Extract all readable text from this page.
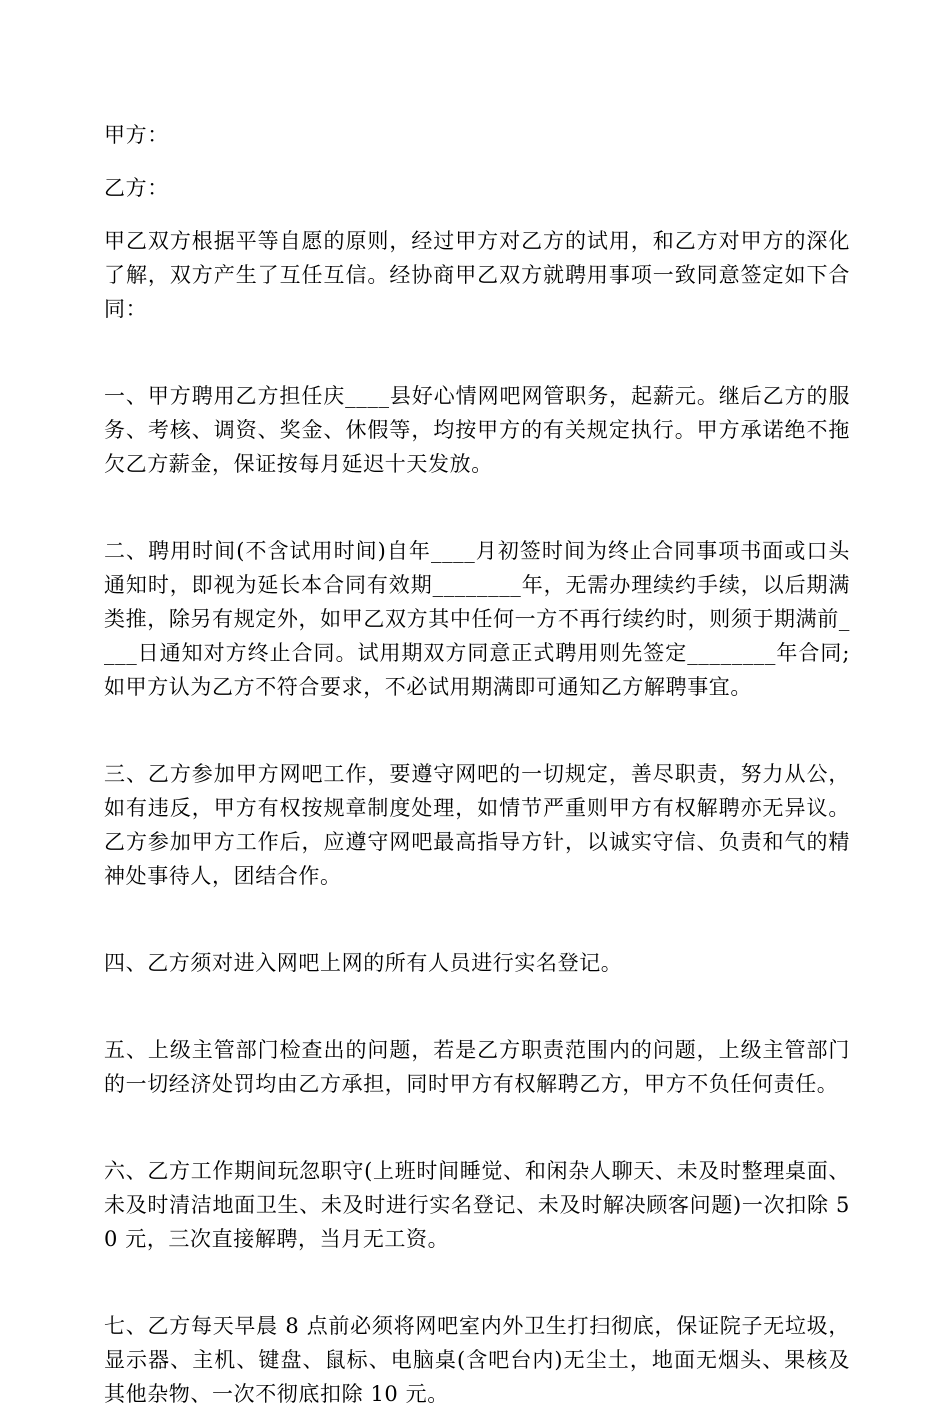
甲方：

乙方：

甲乙双方根据平等自愿的原则，经过甲方对乙方的试用，和乙方对甲方的深化了解，双方产生了互任互信。经协商甲乙双方就聘用事项一致同意签定如下合同：

一、甲方聘用乙方担任庆____县好心情网吧网管职务，起薪元。继后乙方的服务、考核、调资、奖金、休假等，均按甲方的有关规定执行。甲方承诺绝不拖欠乙方薪金，保证按每月延迟十天发放。

二、聘用时间(不含试用时间)自年____月初签时间为终止合同事项书面或口头通知时，即视为延长本合同有效期________年，无需办理续约手续，以后期满类推，除另有规定外，如甲乙双方其中任何一方不再行续约时，则须于期满前____日通知对方终止合同。试用期双方同意正式聘用则先签定________年合同;如甲方认为乙方不符合要求，不必试用期满即可通知乙方解聘事宜。

三、乙方参加甲方网吧工作，要遵守网吧的一切规定，善尽职责，努力从公，如有违反，甲方有权按规章制度处理，如情节严重则甲方有权解聘亦无异议。乙方参加甲方工作后，应遵守网吧最高指导方针，以诚实守信、负责和气的精神处事待人，团结合作。

四、乙方须对进入网吧上网的所有人员进行实名登记。

五、上级主管部门检查出的问题，若是乙方职责范围内的问题，上级主管部门的一切经济处罚均由乙方承担，同时甲方有权解聘乙方，甲方不负任何责任。

六、乙方工作期间玩忽职守(上班时间睡觉、和闲杂人聊天、未及时整理桌面、未及时清洁地面卫生、未及时进行实名登记、未及时解决顾客问题)一次扣除 50 元，三次直接解聘，当月无工资。

七、乙方每天早晨 8 点前必须将网吧室内外卫生打扫彻底，保证院子无垃圾，显示器、主机、键盘、鼠标、电脑桌(含吧台内)无尘土，地面无烟头、果核及其他杂物、一次不彻底扣除 10 元。
